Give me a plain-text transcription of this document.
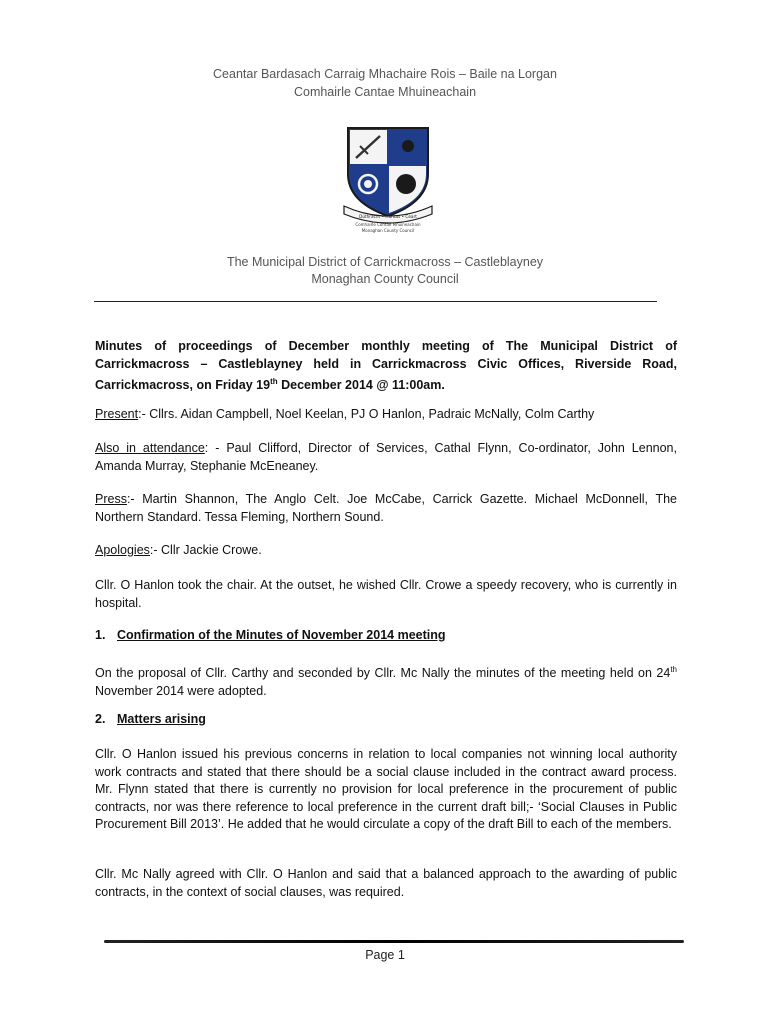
Ceantar Bardasach Carraig Mhachaire Rois – Baile na Lorgan
Comhairle Cantae Mhuineachain
Dúthracht • Fiúntas • Ceart
Comhairle Contae Mhuineachain
Monaghan County Council
The Municipal District of Carrickmacross – Castleblayney
Monaghan County Council

Minutes of proceedings of December monthly meeting of The Municipal District of Carrickmacross – Castleblayney held in Carrickmacross Civic Offices, Riverside Road, Carrickmacross, on Friday 19th December 2014 @ 11:00am.

Present:- Cllrs. Aidan Campbell, Noel Keelan, PJ O Hanlon, Padraic McNally, Colm Carthy

Also in attendance: - Paul Clifford, Director of Services, Cathal Flynn, Co-ordinator, John Lennon, Amanda Murray, Stephanie McEneaney.

Press:- Martin Shannon, The Anglo Celt. Joe McCabe, Carrick Gazette. Michael McDonnell, The Northern Standard. Tessa Fleming, Northern Sound.

Apologies:- Cllr Jackie Crowe.

Cllr. O Hanlon took the chair. At the outset, he wished Cllr. Crowe a speedy recovery, who is currently in hospital.

1. Confirmation of the Minutes of November 2014 meeting

On the proposal of Cllr. Carthy and seconded by Cllr. Mc Nally the minutes of the meeting held on 24th November 2014 were adopted.

2. Matters arising

Cllr. O Hanlon issued his previous concerns in relation to local companies not winning local authority work contracts and stated that there should be a social clause included in the contract award process. Mr. Flynn stated that there is currently no provision for local preference in the procurement of public contracts, nor was there reference to local preference in the current draft bill;- ‘Social Clauses in Public Procurement Bill 2013’. He added that he would circulate a copy of the draft Bill to each of the members.

Cllr. Mc Nally agreed with Cllr. O Hanlon and said that a balanced approach to the awarding of public contracts, in the context of social clauses, was required.

Page 1
